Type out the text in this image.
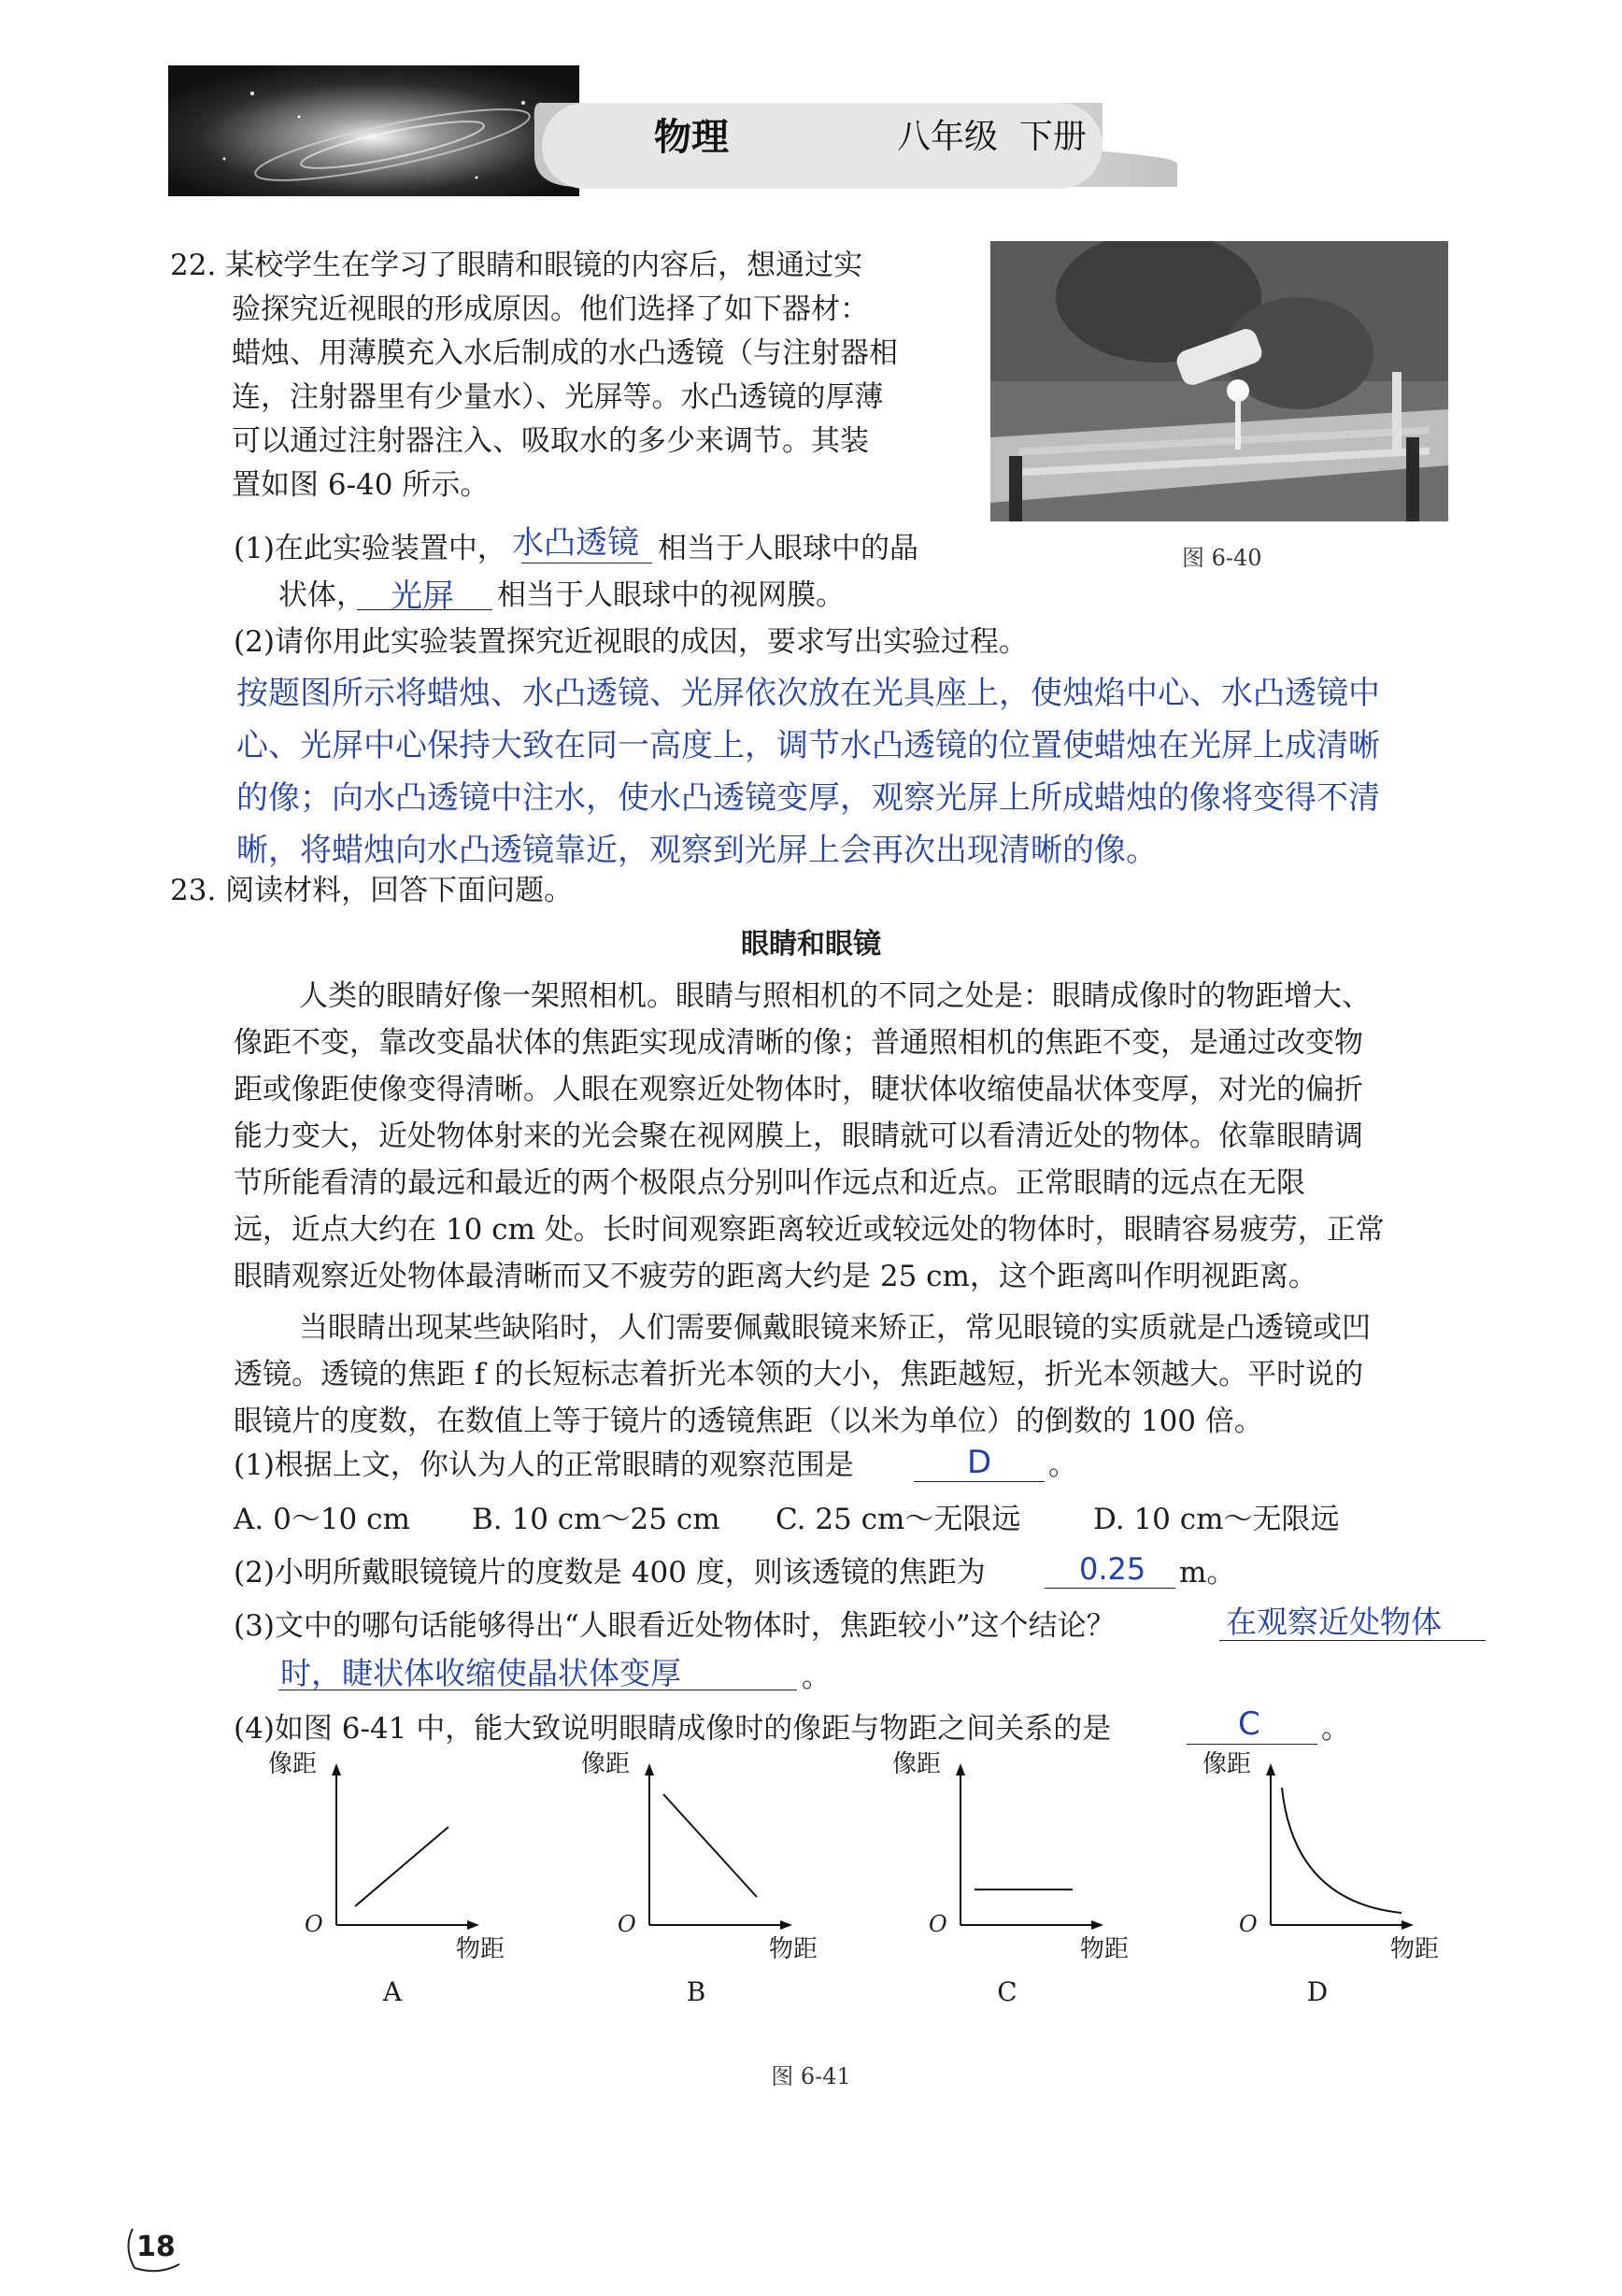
物理	八年级  下册
22. 某校学生在学习了眼睛和眼镜的内容后，想通过实
验探究近视眼的形成原因。他们选择了如下器材：
蜡烛、用薄膜充入水后制成的水凸透镜（与注射器相
连，注射器里有少量水）、光屏等。水凸透镜的厚薄
可以通过注射器注入、吸取水的多少来调节。其装
置如图 6-40 所示。
图 6-40
(1)在此实验装置中， 水凸透镜 相当于人眼球中的晶
状体， 光屏 相当于人眼球中的视网膜。
(2)请你用此实验装置探究近视眼的成因，要求写出实验过程。
按题图所示将蜡烛、水凸透镜、光屏依次放在光具座上，使烛焰中心、水凸透镜中
心、光屏中心保持大致在同一高度上，调节水凸透镜的位置使蜡烛在光屏上成清晰
的像；向水凸透镜中注水，使水凸透镜变厚，观察光屏上所成蜡烛的像将变得不清
晰，将蜡烛向水凸透镜靠近，观察到光屏上会再次出现清晰的像。
23. 阅读材料，回答下面问题。
眼睛和眼镜
人类的眼睛好像一架照相机。眼睛与照相机的不同之处是：眼睛成像时的物距增大、
像距不变，靠改变晶状体的焦距实现成清晰的像；普通照相机的焦距不变，是通过改变物
距或像距使像变得清晰。人眼在观察近处物体时，睫状体收缩使晶状体变厚，对光的偏折
能力变大，近处物体射来的光会聚在视网膜上，眼睛就可以看清近处的物体。依靠眼睛调
节所能看清的最远和最近的两个极限点分别叫作远点和近点。正常眼睛的远点在无限
远，近点大约在 10 cm 处。长时间观察距离较近或较远处的物体时，眼睛容易疲劳，正常
眼睛观察近处物体最清晰而又不疲劳的距离大约是 25 cm，这个距离叫作明视距离。
当眼睛出现某些缺陷时，人们需要佩戴眼镜来矫正，常见眼镜的实质就是凸透镜或凹
透镜。透镜的焦距 f 的长短标志着折光本领的大小，焦距越短，折光本领越大。平时说的
眼镜片的度数，在数值上等于镜片的透镜焦距（以米为单位）的倒数的 100 倍。
(1)根据上文，你认为人的正常眼睛的观察范围是	D 。
A. 0～10 cm B. 10 cm～25 cm C. 25 cm～无限远	D. 10 cm～无限远
(2)小明所戴眼镜镜片的度数是 400 度，则该透镜的焦距为	0.25 m。
(3)文中的哪句话能够得出“人眼看近处物体时，焦距较小”这个结论？	在观察近处物体
时，睫状体收缩使晶状体变厚	。
(4)如图 6-41 中，能大致说明眼睛成像时的像距与物距之间关系的是	C 。
像距
O
物距
A
像距
O
物距
B
像距
O
物距
C
像距
O
物距
D
图 6-41
18
